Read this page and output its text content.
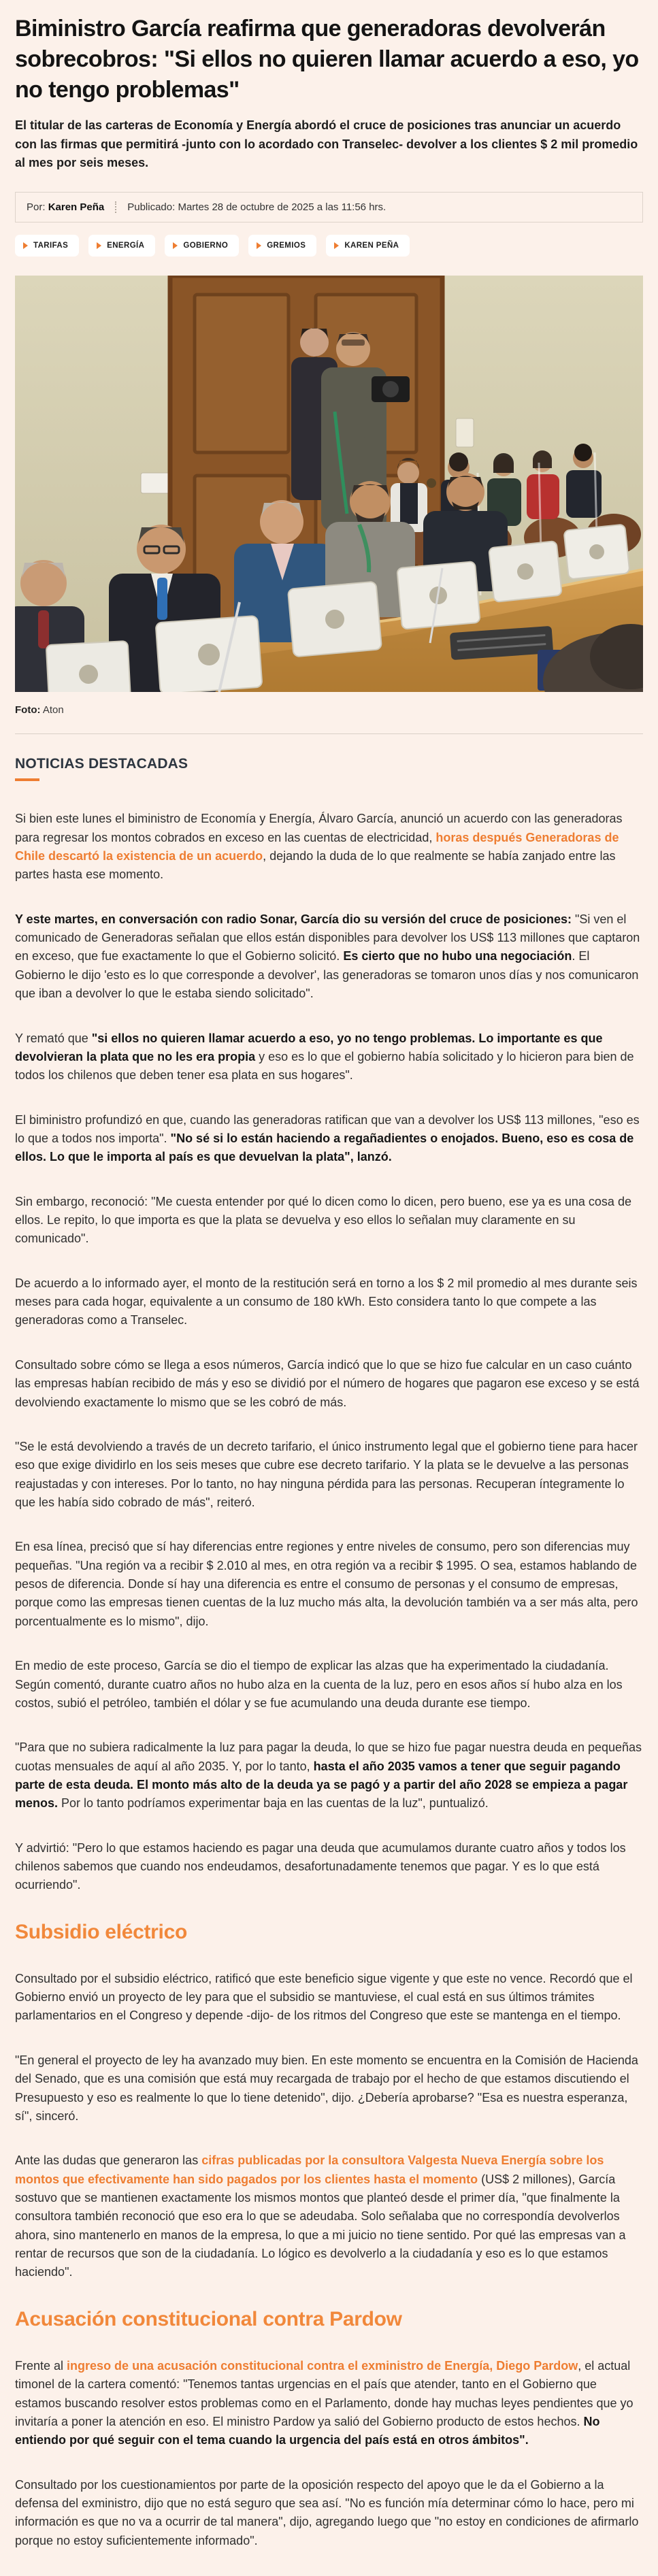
Biministro García reafirma que generadoras devolverán sobrecobros: "Si ellos no quieren llamar acuerdo a eso, yo no tengo problemas"

El titular de las carteras de Economía y Energía abordó el cruce de posiciones tras anunciar un acuerdo con las firmas que permitirá -junto con lo acordado con Transelec- devolver a los clientes $ 2 mil promedio al mes por seis meses.

Por: Karen Peña Publicado: Martes 28 de octubre de 2025 a las 11:56 hrs.
TARIFAS	ENERGÍA	GOBIERNO	GREMIOS	KAREN PEÑA
Foto: Aton
NOTICIAS DESTACADAS

Si bien este lunes el biministro de Economía y Energía, Álvaro García, anunció un acuerdo con las generadoras para regresar los montos cobrados en exceso en las cuentas de electricidad, horas después Generadoras de Chile descartó la existencia de un acuerdo, dejando la duda de lo que realmente se había zanjado entre las partes hasta ese momento.

Y este martes, en conversación con radio Sonar, García dio su versión del cruce de posiciones: "Si ven el comunicado de Generadoras señalan que ellos están disponibles para devolver los US$ 113 millones que captaron en exceso, que fue exactamente lo que el Gobierno solicitó. Es cierto que no hubo una negociación. El Gobierno le dijo 'esto es lo que corresponde a devolver', las generadoras se tomaron unos días y nos comunicaron que iban a devolver lo que le estaba siendo solicitado".

Y remató que "si ellos no quieren llamar acuerdo a eso, yo no tengo problemas. Lo importante es que devolvieran la plata que no les era propia y eso es lo que el gobierno había solicitado y lo hicieron para bien de todos los chilenos que deben tener esa plata en sus hogares".

El biministro profundizó en que, cuando las generadoras ratifican que van a devolver los US$ 113 millones, "eso es lo que a todos nos importa". "No sé si lo están haciendo a regañadientes o enojados. Bueno, eso es cosa de ellos. Lo que le importa al país es que devuelvan la plata", lanzó.

Sin embargo, reconoció: "Me cuesta entender por qué lo dicen como lo dicen, pero bueno, ese ya es una cosa de ellos. Le repito, lo que importa es que la plata se devuelva y eso ellos lo señalan muy claramente en su comunicado".

De acuerdo a lo informado ayer, el monto de la restitución será en torno a los $ 2 mil promedio al mes durante seis meses para cada hogar, equivalente a un consumo de 180 kWh. Esto considera tanto lo que compete a las generadoras como a Transelec.

Consultado sobre cómo se llega a esos números, García indicó que lo que se hizo fue calcular en un caso cuánto las empresas habían recibido de más y eso se dividió por el número de hogares que pagaron ese exceso y se está devolviendo exactamente lo mismo que se les cobró de más.

"Se le está devolviendo a través de un decreto tarifario, el único instrumento legal que el gobierno tiene para hacer eso que exige dividirlo en los seis meses que cubre ese decreto tarifario. Y la plata se le devuelve a las personas reajustadas y con intereses. Por lo tanto, no hay ninguna pérdida para las personas. Recuperan íntegramente lo que les había sido cobrado de más", reiteró.

En esa línea, precisó que sí hay diferencias entre regiones y entre niveles de consumo, pero son diferencias muy pequeñas. "Una región va a recibir $ 2.010 al mes, en otra región va a recibir $ 1995. O sea, estamos hablando de pesos de diferencia. Donde sí hay una diferencia es entre el consumo de personas y el consumo de empresas, porque como las empresas tienen cuentas de la luz mucho más alta, la devolución también va a ser más alta, pero porcentualmente es lo mismo", dijo.

En medio de este proceso, García se dio el tiempo de explicar las alzas que ha experimentado la ciudadanía. Según comentó, durante cuatro años no hubo alza en la cuenta de la luz, pero en esos años sí hubo alza en los costos, subió el petróleo, también el dólar y se fue acumulando una deuda durante ese tiempo.

"Para que no subiera radicalmente la luz para pagar la deuda, lo que se hizo fue pagar nuestra deuda en pequeñas cuotas mensuales de aquí al año 2035. Y, por lo tanto, hasta el año 2035 vamos a tener que seguir pagando parte de esta deuda. El monto más alto de la deuda ya se pagó y a partir del año 2028 se empieza a pagar menos. Por lo tanto podríamos experimentar baja en las cuentas de la luz", puntualizó.

Y advirtió: "Pero lo que estamos haciendo es pagar una deuda que acumulamos durante cuatro años y todos los chilenos sabemos que cuando nos endeudamos, desafortunadamente tenemos que pagar. Y es lo que está ocurriendo".

Subsidio eléctrico

Consultado por el subsidio eléctrico, ratificó que este beneficio sigue vigente y que este no vence. Recordó que el Gobierno envió un proyecto de ley para que el subsidio se mantuviese, el cual está en sus últimos trámites parlamentarios en el Congreso y depende -dijo- de los ritmos del Congreso que este se mantenga en el tiempo.

"En general el proyecto de ley ha avanzado muy bien. En este momento se encuentra en la Comisión de Hacienda del Senado, que es una comisión que está muy recargada de trabajo por el hecho de que estamos discutiendo el Presupuesto y eso es realmente lo que lo tiene detenido", dijo. ¿Debería aprobarse? "Esa es nuestra esperanza, sí", sinceró.

Ante las dudas que generaron las cifras publicadas por la consultora Valgesta Nueva Energía sobre los montos que efectivamente han sido pagados por los clientes hasta el momento (US$ 2 millones), García sostuvo que se mantienen exactamente los mismos montos que planteó desde el primer día, "que finalmente la consultora también reconoció que eso era lo que se adeudaba. Solo señalaba que no correspondía devolverlos ahora, sino mantenerlo en manos de la empresa, lo que a mi juicio no tiene sentido. Por qué las empresas van a rentar de recursos que son de la ciudadanía. Lo lógico es devolverlo a la ciudadanía y eso es lo que estamos haciendo".

Acusación constitucional contra Pardow

Frente al ingreso de una acusación constitucional contra el exministro de Energía, Diego Pardow, el actual timonel de la cartera comentó: "Tenemos tantas urgencias en el país que atender, tanto en el Gobierno que estamos buscando resolver estos problemas como en el Parlamento, donde hay muchas leyes pendientes que yo invitaría a poner la atención en eso. El ministro Pardow ya salió del Gobierno producto de estos hechos. No entiendo por qué seguir con el tema cuando la urgencia del país está en otros ámbitos".

Consultado por los cuestionamientos por parte de la oposición respecto del apoyo que le da el Gobierno a la defensa del exministro, dijo que no está seguro que sea así. "No es función mía determinar cómo lo hace, pero mi información es que no va a ocurrir de tal manera", dijo, agregando luego que "no estoy en condiciones de afirmarlo porque no estoy suficientemente informado".
